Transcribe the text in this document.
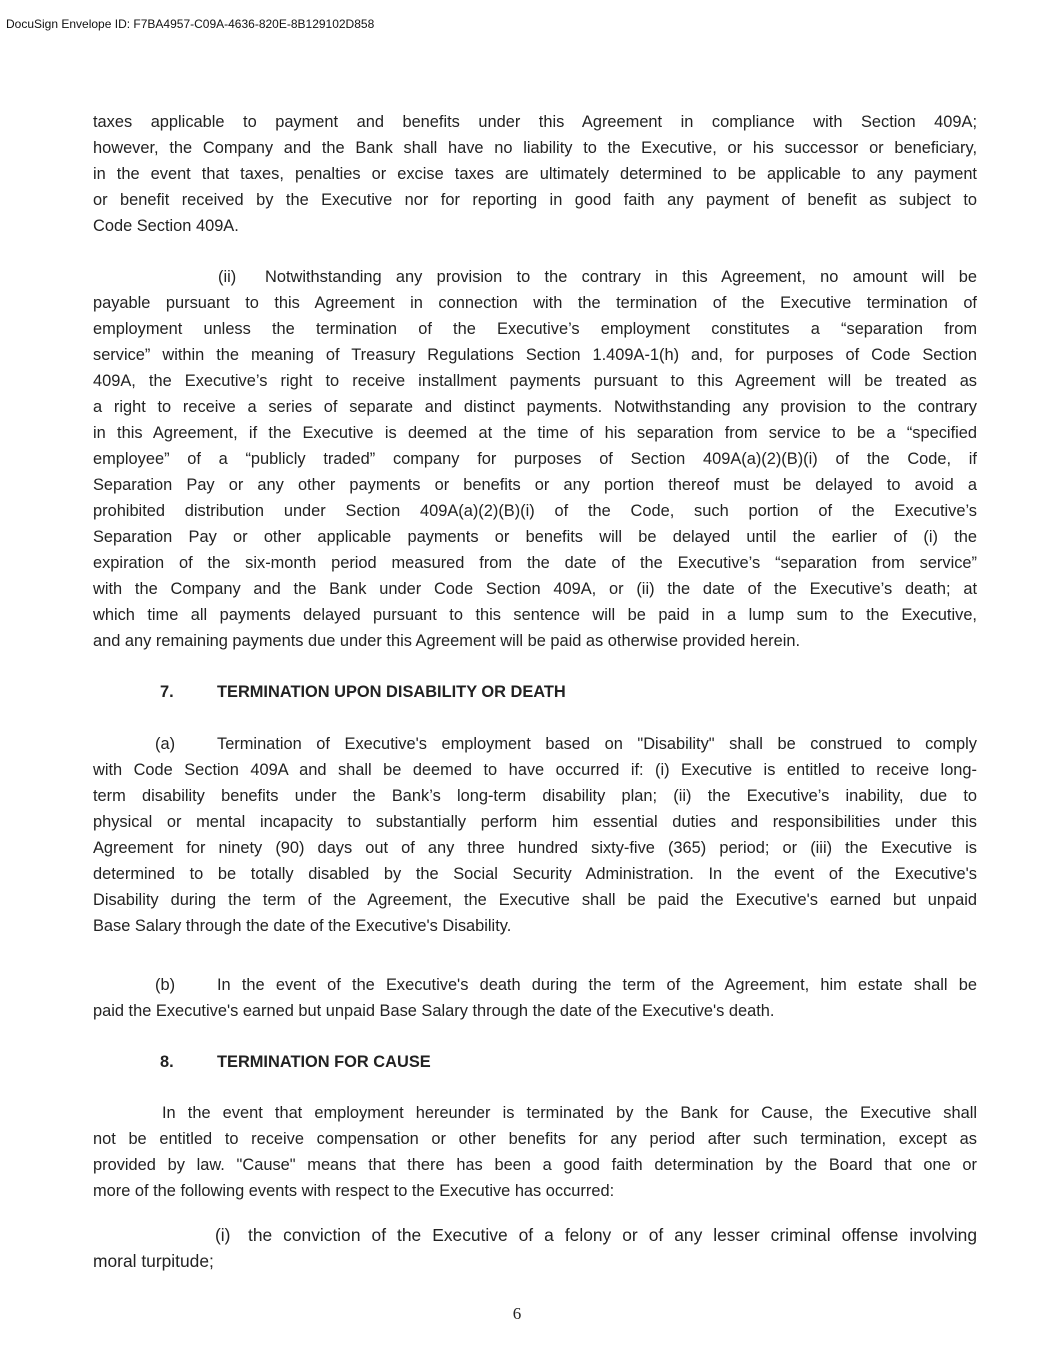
DocuSign Envelope ID: F7BA4957-C09A-4636-820E-8B129102D858
taxes applicable to payment and benefits under this Agreement in compliance with Section 409A;
however, the Company and the Bank shall have no liability to the Executive, or his successor or beneficiary,
in the event that taxes, penalties or excise taxes are ultimately determined to be applicable to any payment
or benefit received by the Executive nor for reporting in good faith any payment of benefit as subject to
Code Section 409A.
(ii) Notwithstanding any provision to the contrary in this Agreement, no amount will be
payable pursuant to this Agreement in connection with the termination of the Executive termination of
employment unless the termination of the Executive’s employment constitutes a “separation from
service” within the meaning of Treasury Regulations Section 1.409A-1(h) and, for purposes of Code Section
409A, the Executive’s right to receive installment payments pursuant to this Agreement will be treated as
a right to receive a series of separate and distinct payments. Notwithstanding any provision to the contrary
in this Agreement, if the Executive is deemed at the time of his separation from service to be a “specified
employee” of a “publicly traded” company for purposes of Section 409A(a)(2)(B)(i) of the Code, if
Separation Pay or any other payments or benefits or any portion thereof must be delayed to avoid a
prohibited distribution under Section 409A(a)(2)(B)(i) of the Code, such portion of the Executive’s
Separation Pay or other applicable payments or benefits will be delayed until the earlier of (i) the
expiration of the six-month period measured from the date of the Executive’s “separation from service”
with the Company and the Bank under Code Section 409A, or (ii) the date of the Executive’s death; at
which time all payments delayed pursuant to this sentence will be paid in a lump sum to the Executive,
and any remaining payments due under this Agreement will be paid as otherwise provided herein.
7.	TERMINATION UPON DISABILITY OR DEATH
(a)	Termination of Executive's employment based on "Disability" shall be construed to comply
with Code Section 409A and shall be deemed to have occurred if: (i) Executive is entitled to receive long-
term disability benefits under the Bank’s long-term disability plan; (ii) the Executive’s inability, due to
physical or mental incapacity to substantially perform him essential duties and responsibilities under this
Agreement for ninety (90) days out of any three hundred sixty-five (365) period; or (iii) the Executive is
determined to be totally disabled by the Social Security Administration. In the event of the Executive's
Disability during the term of the Agreement, the Executive shall be paid the Executive's earned but unpaid
Base Salary through the date of the Executive's Disability.
(b)	In the event of the Executive's death during the term of the Agreement, him estate shall be
paid the Executive's earned but unpaid Base Salary through the date of the Executive's death.
8.	TERMINATION FOR CAUSE
In the event that employment hereunder is terminated by the Bank for Cause, the Executive shall
not be entitled to receive compensation or other benefits for any period after such termination, except as
provided by law. "Cause" means that there has been a good faith determination by the Board that one or
more of the following events with respect to the Executive has occurred:
(i) the conviction of the Executive of a felony or of any lesser criminal offense involving
moral turpitude;
6
